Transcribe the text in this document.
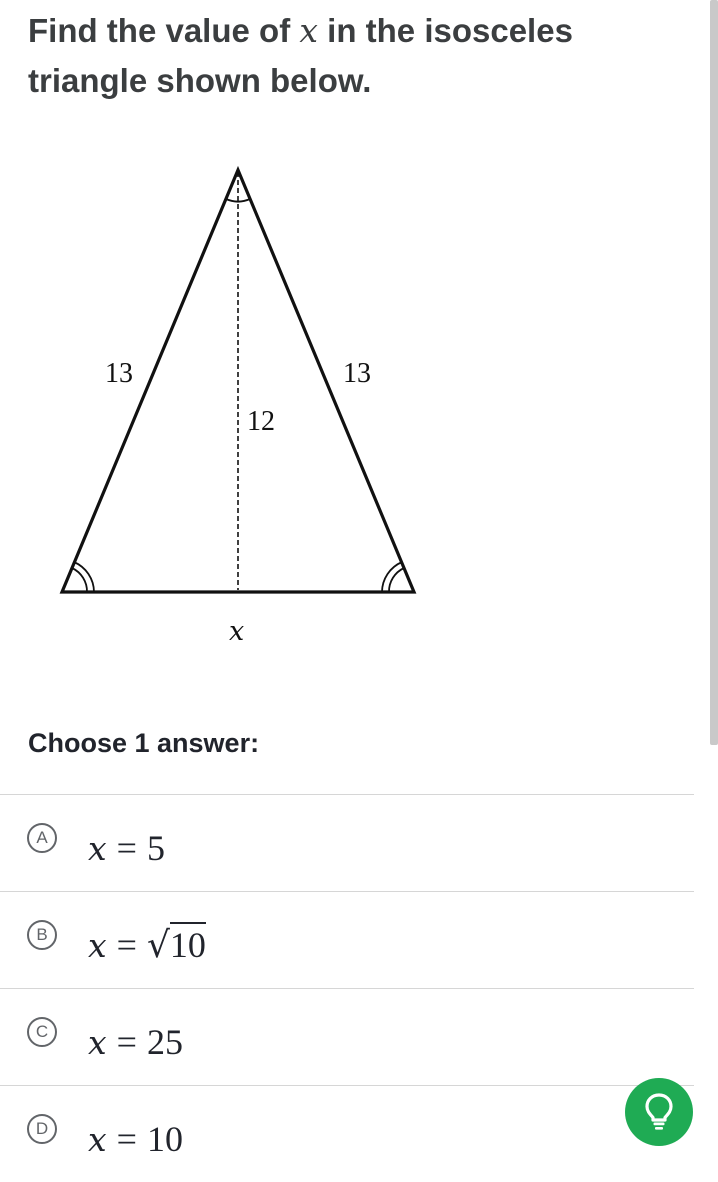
Find the value of x in the isosceles triangle shown below.

13	13
12
x

Choose 1 answer:

A x = 5
B x = √10
C x = 25
D x = 10
